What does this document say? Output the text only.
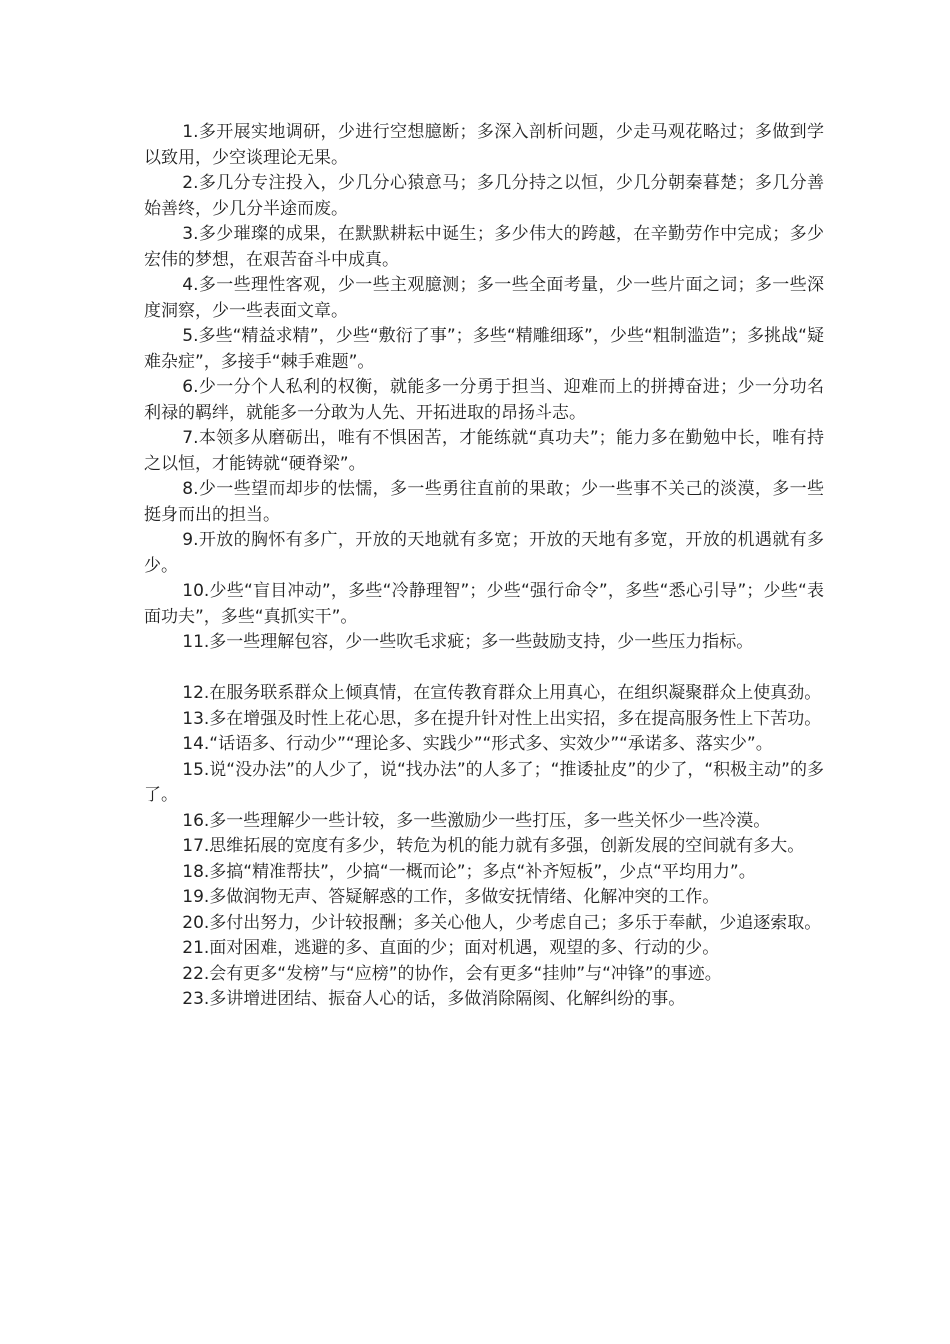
1.多开展实地调研，少进行空想臆断；多深入剖析问题，少走马观花略过；多做到学以致用，少空谈理论无果。

2.多几分专注投入，少几分心猿意马；多几分持之以恒，少几分朝秦暮楚；多几分善始善终，少几分半途而废。

3.多少璀璨的成果，在默默耕耘中诞生；多少伟大的跨越，在辛勤劳作中完成；多少宏伟的梦想，在艰苦奋斗中成真。

4.多一些理性客观，少一些主观臆测；多一些全面考量，少一些片面之词；多一些深度洞察，少一些表面文章。

5.多些“精益求精”，少些“敷衍了事”；多些“精雕细琢”，少些“粗制滥造”；多挑战“疑难杂症”，多接手“棘手难题”。

6.少一分个人私利的权衡，就能多一分勇于担当、迎难而上的拼搏奋进；少一分功名利禄的羁绊，就能多一分敢为人先、开拓进取的昂扬斗志。

7.本领多从磨砺出，唯有不惧困苦，才能练就“真功夫”；能力多在勤勉中长，唯有持之以恒，才能铸就“硬脊梁”。

8.少一些望而却步的怯懦，多一些勇往直前的果敢；少一些事不关己的淡漠，多一些挺身而出的担当。

9.开放的胸怀有多广，开放的天地就有多宽；开放的天地有多宽，开放的机遇就有多少。

10.少些“盲目冲动”，多些“冷静理智”；少些“强行命令”，多些“悉心引导”；少些“表面功夫”，多些“真抓实干”。

11.多一些理解包容，少一些吹毛求疵；多一些鼓励支持，少一些压力指标。

12.在服务联系群众上倾真情，在宣传教育群众上用真心，在组织凝聚群众上使真劲。

13.多在增强及时性上花心思，多在提升针对性上出实招，多在提高服务性上下苦功。

14.“话语多、行动少”“理论多、实践少”“形式多、实效少”“承诺多、落实少”。

15.说“没办法”的人少了，说“找办法”的人多了；“推诿扯皮”的少了，“积极主动”的多了。

16.多一些理解少一些计较，多一些激励少一些打压，多一些关怀少一些冷漠。

17.思维拓展的宽度有多少，转危为机的能力就有多强，创新发展的空间就有多大。

18.多搞“精准帮扶”，少搞“一概而论”；多点“补齐短板”，少点“平均用力”。

19.多做润物无声、答疑解惑的工作，多做安抚情绪、化解冲突的工作。

20.多付出努力，少计较报酬；多关心他人，少考虑自己；多乐于奉献，少追逐索取。

21.面对困难，逃避的多、直面的少；面对机遇，观望的多、行动的少。

22.会有更多“发榜”与“应榜”的协作，会有更多“挂帅”与“冲锋”的事迹。

23.多讲增进团结、振奋人心的话，多做消除隔阂、化解纠纷的事。
